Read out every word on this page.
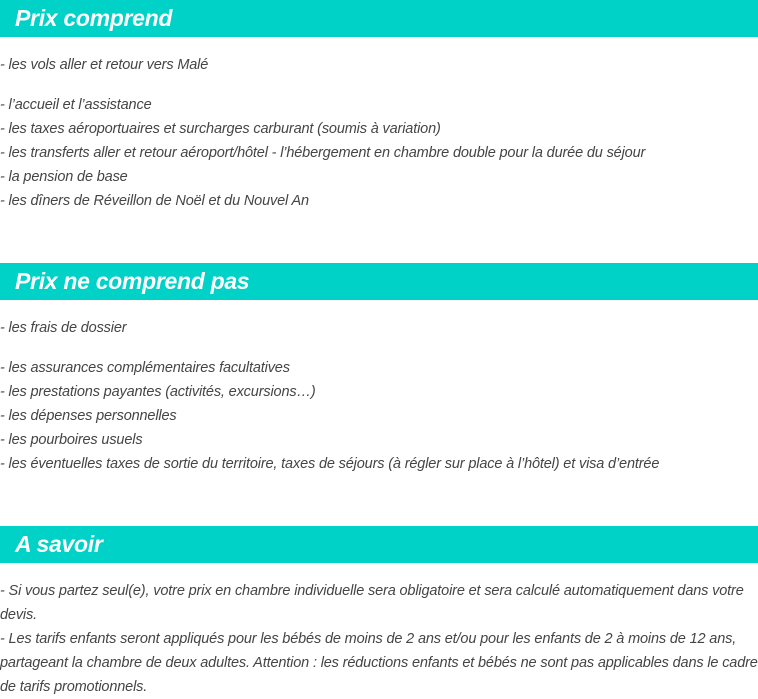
Prix comprend
- les vols aller et retour vers Malé
- l’accueil et l’assistance
- les taxes aéroportuaires et surcharges carburant (soumis à variation)
- les transferts aller et retour aéroport/hôtel - l’hébergement en chambre double pour la durée du séjour
- la pension de base
- les dîners de Réveillon de Noël et du Nouvel An
Prix ne comprend pas
- les frais de dossier
- les assurances complémentaires facultatives
- les prestations payantes (activités, excursions…)
- les dépenses personnelles
- les pourboires usuels
- les éventuelles taxes de sortie du territoire, taxes de séjours (à régler sur place à l’hôtel) et visa d’entrée
A savoir
- Si vous partez seul(e), votre prix en chambre individuelle sera obligatoire et sera calculé automatiquement dans votre devis.
- Les tarifs enfants seront appliqués pour les bébés de moins de 2 ans et/ou pour les enfants de 2 à moins de 12 ans, partageant la chambre de deux adultes. Attention : les réductions enfants et bébés ne sont pas applicables dans le cadre de tarifs promotionnels.
